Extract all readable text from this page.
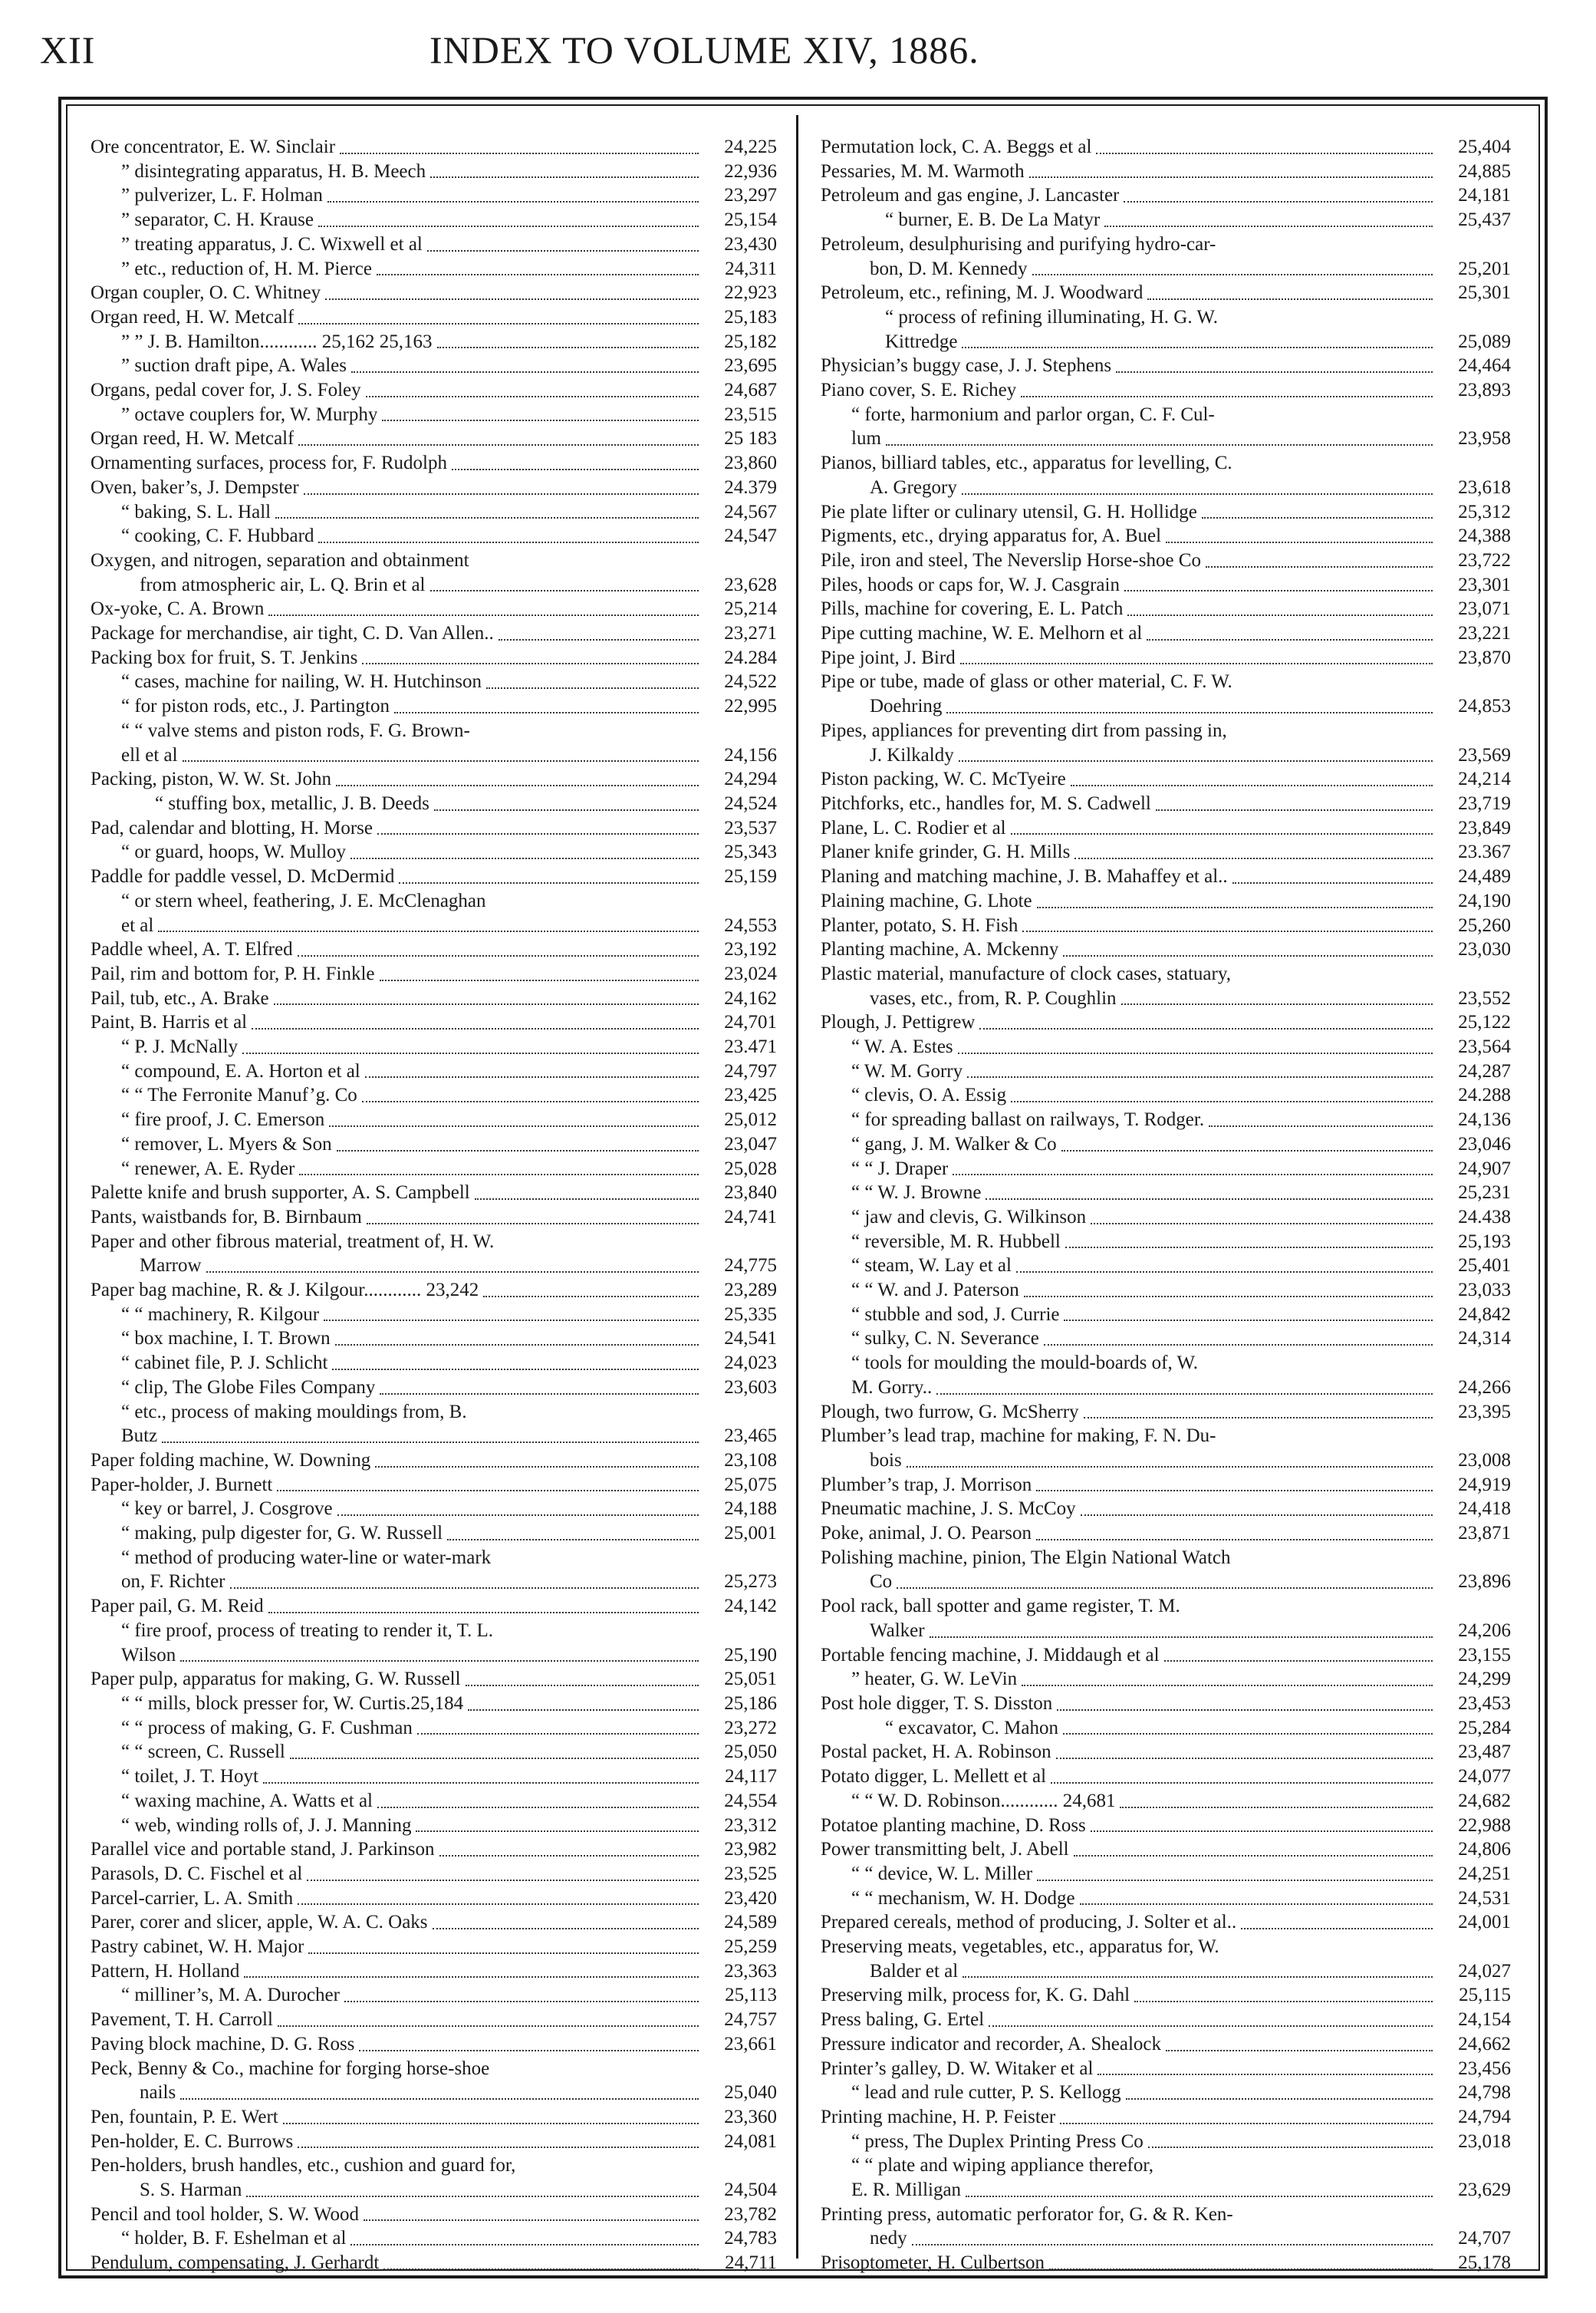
XII	INDEX TO VOLUME XIV, 1886.
Ore concentrator, E. W. Sinclair	24,225
” disintegrating apparatus, H. B. Meech	22,936
” pulverizer, L. F. Holman	23,297
” separator, C. H. Krause	25,154
” treating apparatus, J. C. Wixwell et al	23,430
” etc., reduction of, H. M. Pierce	24,311
Organ coupler, O. C. Whitney	22,923
Organ reed, H. W. Metcalf	25,183
” ” J. B. Hamilton............ 25,162 25,163	25,182
” suction draft pipe, A. Wales	23,695
Organs, pedal cover for, J. S. Foley	24,687
” octave couplers for, W. Murphy	23,515
Organ reed, H. W. Metcalf	25 183
Ornamenting surfaces, process for, F. Rudolph	23,860
Oven, baker’s, J. Dempster	24.379
“ baking, S. L. Hall	24,567
“ cooking, C. F. Hubbard	24,547
Oxygen, and nitrogen, separation and obtainment
from atmospheric air, L. Q. Brin et al	23,628
Ox-yoke, C. A. Brown	25,214
Package for merchandise, air tight, C. D. Van Allen..	23,271
Packing box for fruit, S. T. Jenkins	24.284
“ cases, machine for nailing, W. H. Hutchinson	24,522
“ for piston rods, etc., J. Partington	22,995
“ “ valve stems and piston rods, F. G. Brown-
ell et al	24,156
Packing, piston, W. W. St. John	24,294
“ stuffing box, metallic, J. B. Deeds	24,524
Pad, calendar and blotting, H. Morse	23,537
“ or guard, hoops, W. Mulloy	25,343
Paddle for paddle vessel, D. McDermid	25,159
“ or stern wheel, feathering, J. E. McClenaghan
et al	24,553
Paddle wheel, A. T. Elfred	23,192
Pail, rim and bottom for, P. H. Finkle	23,024
Pail, tub, etc., A. Brake	24,162
Paint, B. Harris et al	24,701
“ P. J. McNally	23.471
“ compound, E. A. Horton et al	24,797
“ “ The Ferronite Manuf’g. Co	23,425
“ fire proof, J. C. Emerson	25,012
“ remover, L. Myers & Son	23,047
“ renewer, A. E. Ryder	25,028
Palette knife and brush supporter, A. S. Campbell	23,840
Pants, waistbands for, B. Birnbaum	24,741
Paper and other fibrous material, treatment of, H. W.
Marrow	24,775
Paper bag machine, R. & J. Kilgour............ 23,242	23,289
“ “ machinery, R. Kilgour	25,335
“ box machine, I. T. Brown	24,541
“ cabinet file, P. J. Schlicht	24,023
“ clip, The Globe Files Company	23,603
“ etc., process of making mouldings from, B.
Butz	23,465
Paper folding machine, W. Downing	23,108
Paper-holder, J. Burnett	25,075
“ key or barrel, J. Cosgrove	24,188
“ making, pulp digester for, G. W. Russell	25,001
“ method of producing water-line or water-mark
on, F. Richter	25,273
Paper pail, G. M. Reid	24,142
“ fire proof, process of treating to render it, T. L.
Wilson	25,190
Paper pulp, apparatus for making, G. W. Russell	25,051
“ “ mills, block presser for, W. Curtis.25,184	25,186
“ “ process of making, G. F. Cushman	23,272
“ “ screen, C. Russell	25,050
“ toilet, J. T. Hoyt	24,117
“ waxing machine, A. Watts et al	24,554
“ web, winding rolls of, J. J. Manning	23,312
Parallel vice and portable stand, J. Parkinson	23,982
Parasols, D. C. Fischel et al	23,525
Parcel-carrier, L. A. Smith	23,420
Parer, corer and slicer, apple, W. A. C. Oaks	24,589
Pastry cabinet, W. H. Major	25,259
Pattern, H. Holland	23,363
“ milliner’s, M. A. Durocher	25,113
Pavement, T. H. Carroll	24,757
Paving block machine, D. G. Ross	23,661
Peck, Benny & Co., machine for forging horse-shoe
nails	25,040
Pen, fountain, P. E. Wert	23,360
Pen-holder, E. C. Burrows	24,081
Pen-holders, brush handles, etc., cushion and guard for,
S. S. Harman	24,504
Pencil and tool holder, S. W. Wood	23,782
“ holder, B. F. Eshelman et al	24,783
Pendulum, compensating, J. Gerhardt	24,711
Permutation lock, C. A. Beggs et al	25,404
Pessaries, M. M. Warmoth	24,885
Petroleum and gas engine, J. Lancaster	24,181
“ burner, E. B. De La Matyr	25,437
Petroleum, desulphurising and purifying hydro-car-
bon, D. M. Kennedy	25,201
Petroleum, etc., refining, M. J. Woodward	25,301
“ process of refining illuminating, H. G. W.
Kittredge	25,089
Physician’s buggy case, J. J. Stephens	24,464
Piano cover, S. E. Richey	23,893
“ forte, harmonium and parlor organ, C. F. Cul-
lum	23,958
Pianos, billiard tables, etc., apparatus for levelling, C.
A. Gregory	23,618
Pie plate lifter or culinary utensil, G. H. Hollidge	25,312
Pigments, etc., drying apparatus for, A. Buel	24,388
Pile, iron and steel, The Neverslip Horse-shoe Co	23,722
Piles, hoods or caps for, W. J. Casgrain	23,301
Pills, machine for covering, E. L. Patch	23,071
Pipe cutting machine, W. E. Melhorn et al	23,221
Pipe joint, J. Bird	23,870
Pipe or tube, made of glass or other material, C. F. W.
Doehring	24,853
Pipes, appliances for preventing dirt from passing in,
J. Kilkaldy	23,569
Piston packing, W. C. McTyeire	24,214
Pitchforks, etc., handles for, M. S. Cadwell	23,719
Plane, L. C. Rodier et al	23,849
Planer knife grinder, G. H. Mills	23.367
Planing and matching machine, J. B. Mahaffey et al..	24,489
Plaining machine, G. Lhote	24,190
Planter, potato, S. H. Fish	25,260
Planting machine, A. Mckenny	23,030
Plastic material, manufacture of clock cases, statuary,
vases, etc., from, R. P. Coughlin	23,552
Plough, J. Pettigrew	25,122
“ W. A. Estes	23,564
“ W. M. Gorry	24,287
“ clevis, O. A. Essig	24.288
“ for spreading ballast on railways, T. Rodger.	24,136
“ gang, J. M. Walker & Co	23,046
“ “ J. Draper	24,907
“ “ W. J. Browne	25,231
“ jaw and clevis, G. Wilkinson	24.438
“ reversible, M. R. Hubbell	25,193
“ steam, W. Lay et al	25,401
“ “ W. and J. Paterson	23,033
“ stubble and sod, J. Currie	24,842
“ sulky, C. N. Severance	24,314
“ tools for moulding the mould-boards of, W.
M. Gorry..	24,266
Plough, two furrow, G. McSherry	23,395
Plumber’s lead trap, machine for making, F. N. Du-
bois	23,008
Plumber’s trap, J. Morrison	24,919
Pneumatic machine, J. S. McCoy	24,418
Poke, animal, J. O. Pearson	23,871
Polishing machine, pinion, The Elgin National Watch
Co	23,896
Pool rack, ball spotter and game register, T. M.
Walker	24,206
Portable fencing machine, J. Middaugh et al	23,155
” heater, G. W. LeVin	24,299
Post hole digger, T. S. Disston	23,453
“ excavator, C. Mahon	25,284
Postal packet, H. A. Robinson	23,487
Potato digger, L. Mellett et al	24,077
“ “ W. D. Robinson............ 24,681	24,682
Potatoe planting machine, D. Ross	22,988
Power transmitting belt, J. Abell	24,806
“ “ device, W. L. Miller	24,251
“ “ mechanism, W. H. Dodge	24,531
Prepared cereals, method of producing, J. Solter et al..	24,001
Preserving meats, vegetables, etc., apparatus for, W.
Balder et al	24,027
Preserving milk, process for, K. G. Dahl	25,115
Press baling, G. Ertel	24,154
Pressure indicator and recorder, A. Shealock	24,662
Printer’s galley, D. W. Witaker et al	23,456
“ lead and rule cutter, P. S. Kellogg	24,798
Printing machine, H. P. Feister	24,794
“ press, The Duplex Printing Press Co	23,018
“ “ plate and wiping appliance therefor,
E. R. Milligan	23,629
Printing press, automatic perforator for, G. & R. Ken-
nedy	24,707
Prisoptometer, H. Culbertson	25,178
